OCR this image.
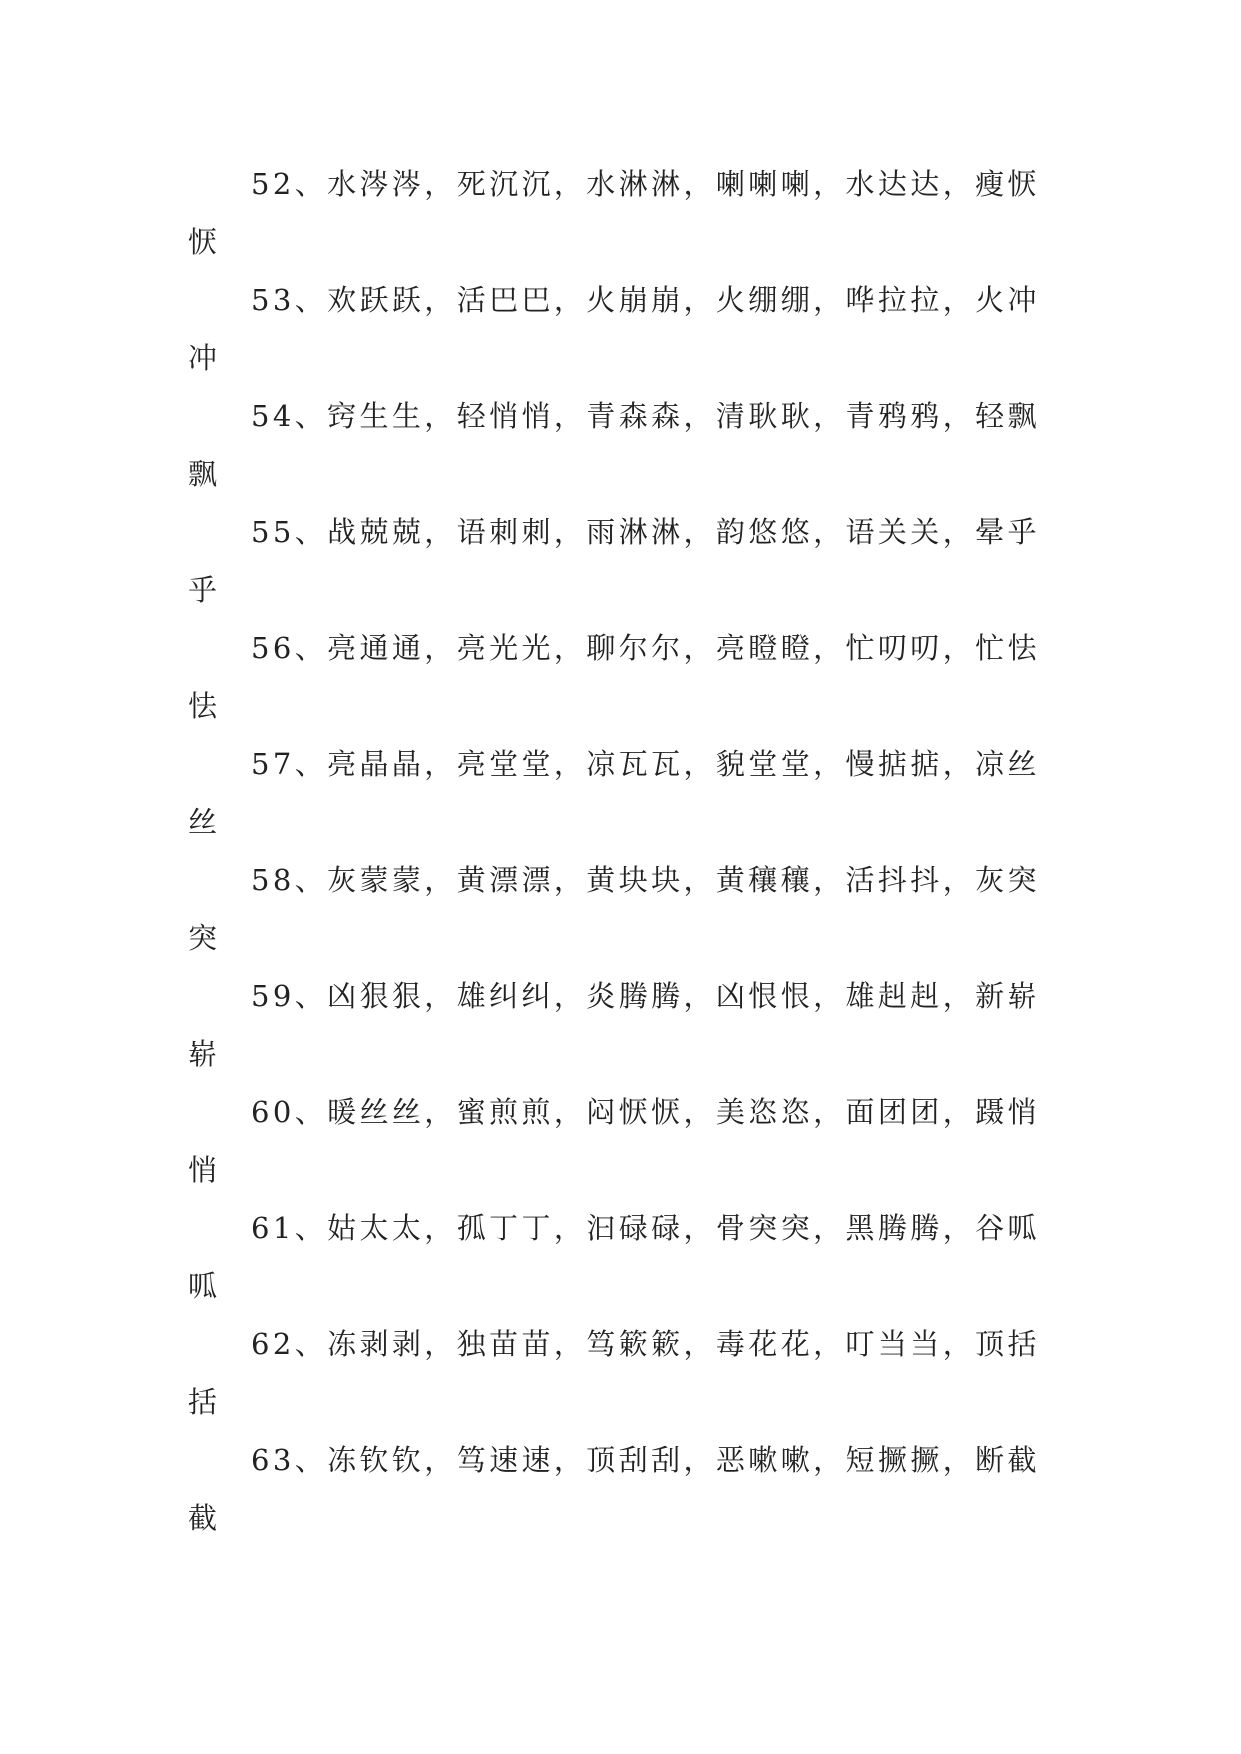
52、水涔涔，死沉沉，水淋淋，喇喇喇，水达达，瘦恹
恹

53、欢跃跃，活巴巴，火崩崩，火绷绷，哗拉拉，火冲
冲

54、窍生生，轻悄悄，青森森，清耿耿，青鸦鸦，轻飘
飘

55、战兢兢，语刺刺，雨淋淋，韵悠悠，语关关，晕乎
乎

56、亮通通，亮光光，聊尔尔，亮瞪瞪，忙叨叨，忙怯
怯

57、亮晶晶，亮堂堂，凉瓦瓦，貌堂堂，慢掂掂，凉丝
丝

58、灰蒙蒙，黄漂漂，黄块块，黄穰穰，活抖抖，灰突
突

59、凶狠狠，雄纠纠，炎腾腾，凶恨恨，雄赳赳，新崭
崭

60、暖丝丝，蜜煎煎，闷恹恹，美恣恣，面团团，蹑悄
悄

61、姑太太，孤丁丁，汩碌碌，骨突突，黑腾腾，谷呱
呱

62、冻剥剥，独苗苗，笃簌簌，毒花花，叮当当，顶括
括

63、冻钦钦，笃速速，顶刮刮，恶嗽嗽，短撅撅，断截
截
